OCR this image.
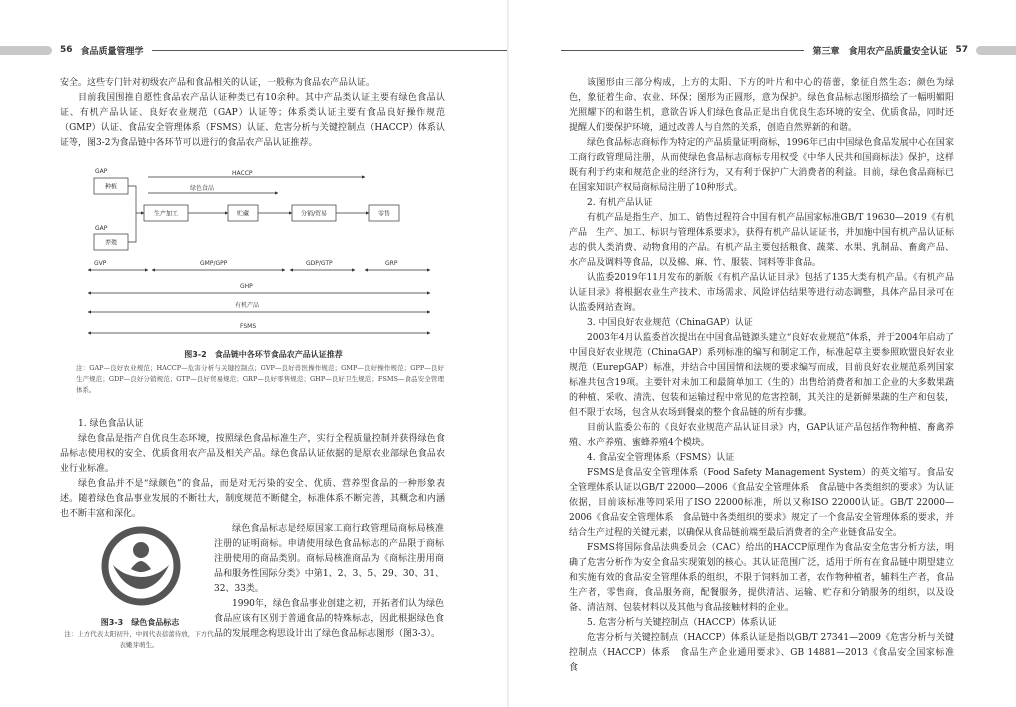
56 食品质量管理学

安全。这些专门针对初级农产品和食品相关的认证，一般称为食品农产品认证。

目前我国围推自愿性食品农产品认证种类已有10余种。其中产品类认证主要有绿色食品认证、有机产品认证、良好农业规范（GAP）认证等；体系类认证主要有食品良好操作规范（GMP）认证、食品安全管理体系（FSMS）认证、危害分析与关键控制点（HACCP）体系认证等，图3-2为食品链中各环节可以进行的食品农产品认证推荐。

GAP
GAP
HACCP
绿色食品
GVP	GMP/GPP	GDP/GTP	GRP
GHP
有机产品
FSMS
种植
养殖
生产加工	贮藏	分销/贸易	零售
图3-2　食品链中各环节食品农产品认证推荐
注：GAP—良好农业规范；HACCP—危害分析与关键控制点；GVP—良好兽医操作规范；GMP—良好操作规范；GPP—良好生产规范；GDP—良好分销规范；GTP—良好贸易规范；GRP—良好零售规范；GHP—良好卫生规范；FSMS—食品安全管理体系。

1. 绿色食品认证

绿色食品是指产自优良生态环境，按照绿色食品标准生产，实行全程质量控制并获得绿色食品标志使用权的安全、优质食用农产品及相关产品。绿色食品认证依据的是原农业部绿色食品农业行业标准。

绿色食品并不是“绿颜色”的食品，而是对无污染的安全、优质、营养型食品的一种形象表述。随着绿色食品事业发展的不断壮大，制度规范不断健全，标准体系不断完善，其概念和内涵也不断丰富和深化。

图3-3　绿色食品标志
注：上方代表太阳初升，中间代表蓓蕾待放，下方代表嫩芽萌生。

绿色食品标志是经原国家工商行政管理局商标局核准注册的证明商标。申请使用绿色食品标志的产品限于商标注册使用的商品类别。商标局核准商品为《商标注册用商品和服务性国际分类》中第1、2、3、5、29、30、31、32、33类。

1990年，绿色食品事业创建之初，开拓者们认为绿色食品应该有区别于普通食品的特殊标志，因此根据绿色食品的发展理念构思设计出了绿色食品标志图形（图3-3）。

第三章　食用农产品质量安全认证 57

该图形由三部分构成，上方的太阳、下方的叶片和中心的蓓蕾，象征自然生态；颜色为绿色，象征着生命、农业、环保；图形为正圆形，意为保护。绿色食品标志图形描绘了一幅明媚阳光照耀下的和谐生机，意欲告诉人们绿色食品正是出自优良生态环境的安全、优质食品，同时还提醒人们要保护环境，通过改善人与自然的关系，创造自然界新的和谐。

绿色食品标志商标作为特定的产品质量证明商标，1996年已由中国绿色食品发展中心在国家工商行政管理局注册，从而使绿色食品标志商标专用权受《中华人民共和国商标法》保护，这样既有利于约束和规范企业的经济行为，又有利于保护广大消费者的利益。目前，绿色食品商标已在国家知识产权局商标局注册了10种形式。

2. 有机产品认证

有机产品是指生产、加工、销售过程符合中国有机产品国家标准GB/T 19630—2019《有机产品　生产、加工、标识与管理体系要求》，获得有机产品认证证书，并加施中国有机产品认证标志的供人类消费、动物食用的产品。有机产品主要包括粮食、蔬菜、水果、乳制品、畜禽产品、水产品及调料等食品，以及棉、麻、竹、服装、饲料等非食品。

认监委2019年11月发布的新版《有机产品认证目录》包括了135大类有机产品。《有机产品认证目录》将根据农业生产技术、市场需求、风险评估结果等进行动态调整，具体产品目录可在认监委网站查询。

3. 中国良好农业规范（ChinaGAP）认证

2003年4月认监委首次提出在中国食品链源头建立“良好农业规范”体系，并于2004年启动了中国良好农业规范（ChinaGAP）系列标准的编写和制定工作，标准起草主要参照欧盟良好农业规范（EurepGAP）标准，并结合中国国情和法规的要求编写而成，目前良好农业规范系列国家标准共包含19项。主要针对未加工和最简单加工（生的）出售给消费者和加工企业的大多数果蔬的种植、采收、清洗、包装和运输过程中常见的危害控制，其关注的是新鲜果蔬的生产和包装，但不限于农场，包含从农场到餐桌的整个食品链的所有步骤。

目前认监委公布的《良好农业规范产品认证目录》内，GAP认证产品包括作物种植、畜禽养殖、水产养殖、蜜蜂养殖4个模块。

4. 食品安全管理体系（FSMS）认证

FSMS是食品安全管理体系（Food Safety Management System）的英文缩写。食品安全管理体系认证以GB/T 22000—2006《食品安全管理体系　食品链中各类组织的要求》为认证依据，目前该标准等同采用了ISO 22000标准，所以又称ISO 22000认证。GB/T 22000—2006《食品安全管理体系　食品链中各类组织的要求》规定了一个食品安全管理体系的要求，并结合生产过程的关键元素，以确保从食品链前端至最后消费者的全产业链食品安全。

FSMS将国际食品法典委员会（CAC）给出的HACCP原理作为食品安全危害分析方法，明确了危害分析作为安全食品实现策划的核心。其认证范围广泛，适用于所有在食品链中期望建立和实施有效的食品安全管理体系的组织，不限于饲料加工者，农作物种植者，辅料生产者，食品生产者，零售商，食品服务商，配餐服务，提供清洁、运输、贮存和分销服务的组织，以及设备、清洁剂、包装材料以及其他与食品接触材料的企业。

5. 危害分析与关键控制点（HACCP）体系认证

危害分析与关键控制点（HACCP）体系认证是指以GB/T 27341—2009《危害分析与关键控制点（HACCP）体系　食品生产企业通用要求》、GB 14881—2013《食品安全国家标准　食
